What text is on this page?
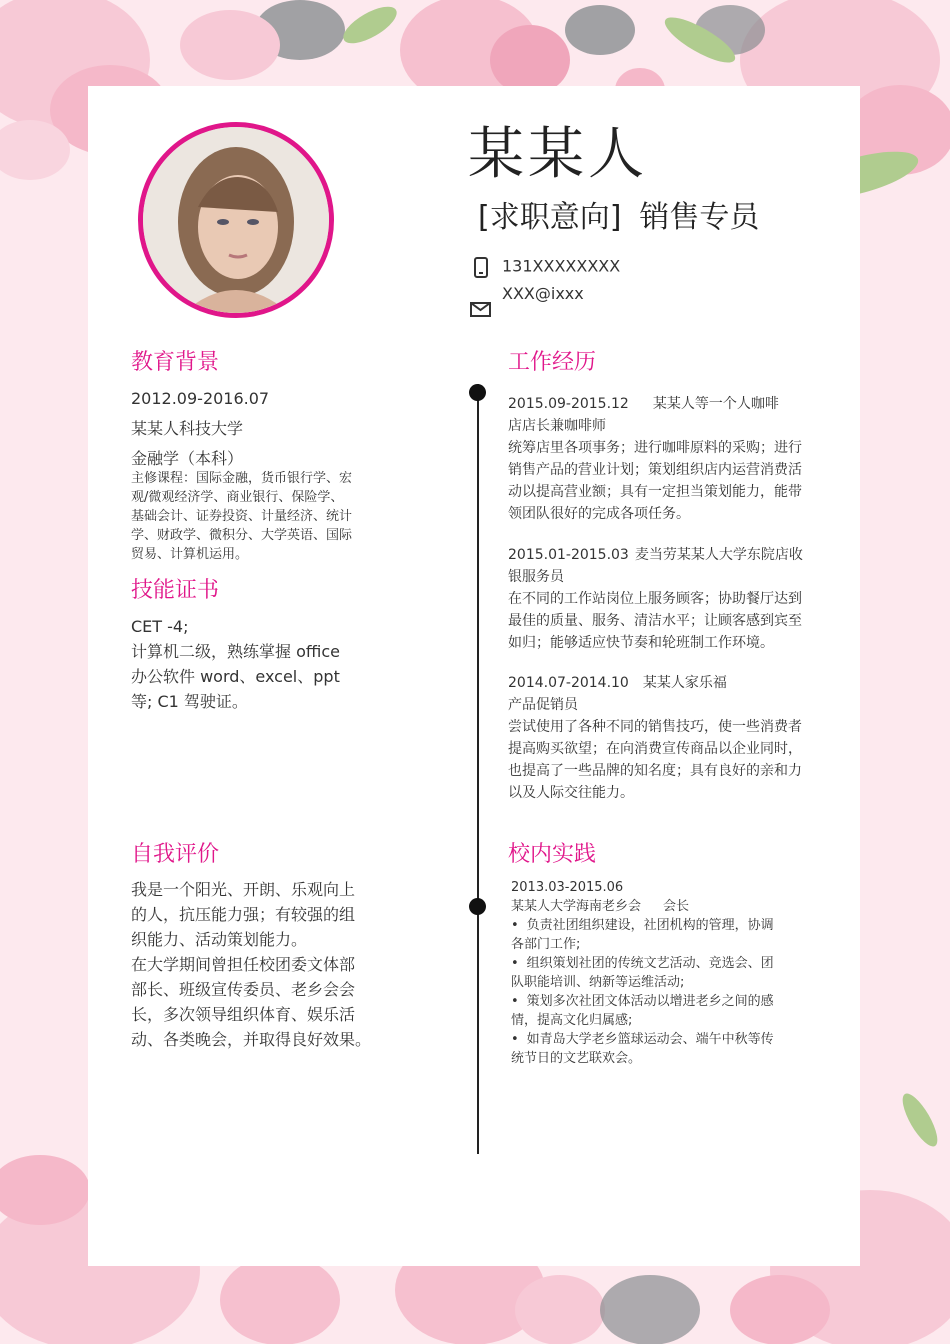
某某人
[求职意向] 销售专员
131XXXXXXXX
XXX@ixxx
教育背景

2012.09-2016.07

某某人科技大学

金融学（本科）

主修课程：国际金融，货币银行学、宏
观/微观经济学、商业银行、保险学、
基础会计、证券投资、计量经济、统计
学、财政学、微积分、大学英语、国际
贸易、计算机运用。
技能证书
CET -4;
计算机二级，熟练掌握 office
办公软件 word、excel、ppt
等; C1 驾驶证。
自我评价
我是一个阳光、开朗、乐观向上
的人，抗压能力强；有较强的组
织能力、活动策划能力。
在大学期间曾担任校团委文体部
部长、班级宣传委员、老乡会会
长，多次领导组织体育、娱乐活
动、各类晚会，并取得良好效果。
工作经历
2015.09-2015.12 某某人等一个人咖啡
店店长兼咖啡师
统筹店里各项事务；进行咖啡原料的采购；进行
销售产品的营业计划；策划组织店内运营消费活
动以提高营业额；具有一定担当策划能力，能带
领团队很好的完成各项任务。
2015.01-2015.03 麦当劳某某人大学东院店收
银服务员
在不同的工作站岗位上服务顾客；协助餐厅达到
最佳的质量、服务、清洁水平；让顾客感到宾至
如归；能够适应快节奏和轮班制工作环境。
2014.07-2014.10 某某人家乐福
产品促销员
尝试使用了各种不同的销售技巧，使一些消费者
提高购买欲望；在向消费宣传商品以企业同时，
也提高了一些品牌的知名度；具有良好的亲和力
以及人际交往能力。
校内实践
2013.03-2015.06
某某人大学海南老乡会 会长
• 负责社团组织建设，社团机构的管理，协调
各部门工作;
• 组织策划社团的传统文艺活动、竞选会、团
队职能培训、纳新等运维活动;
• 策划多次社团文体活动以增进老乡之间的感
情，提高文化归属感;
• 如青岛大学老乡篮球运动会、端午中秋等传
统节日的文艺联欢会。
